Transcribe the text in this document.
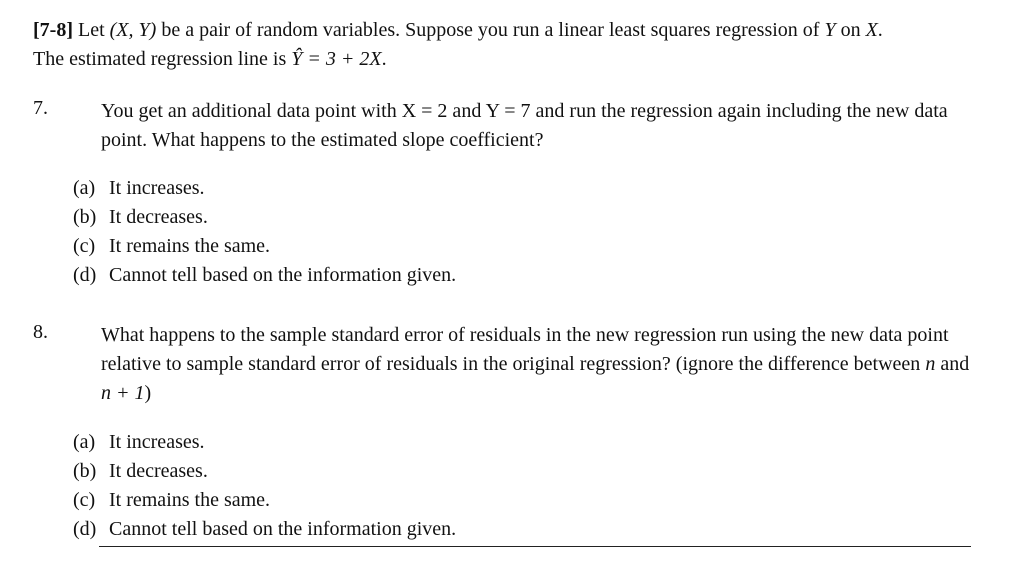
[7-8] Let (X, Y) be a pair of random variables. Suppose you run a linear least squares regression of Y on X.
The estimated regression line is Ŷ = 3 + 2X.
7.	You get an additional data point with X = 2 and Y = 7 and run the regression again including the new data point. What happens to the estimated slope coefficient?
(a) It increases.
(b) It decreases.
(c) It remains the same.
(d) Cannot tell based on the information given.
8.	What happens to the sample standard error of residuals in the new regression run using the new data point relative to sample standard error of residuals in the original regression? (ignore the difference between n and n + 1)
(a) It increases.
(b) It decreases.
(c) It remains the same.
(d) Cannot tell based on the information given.
